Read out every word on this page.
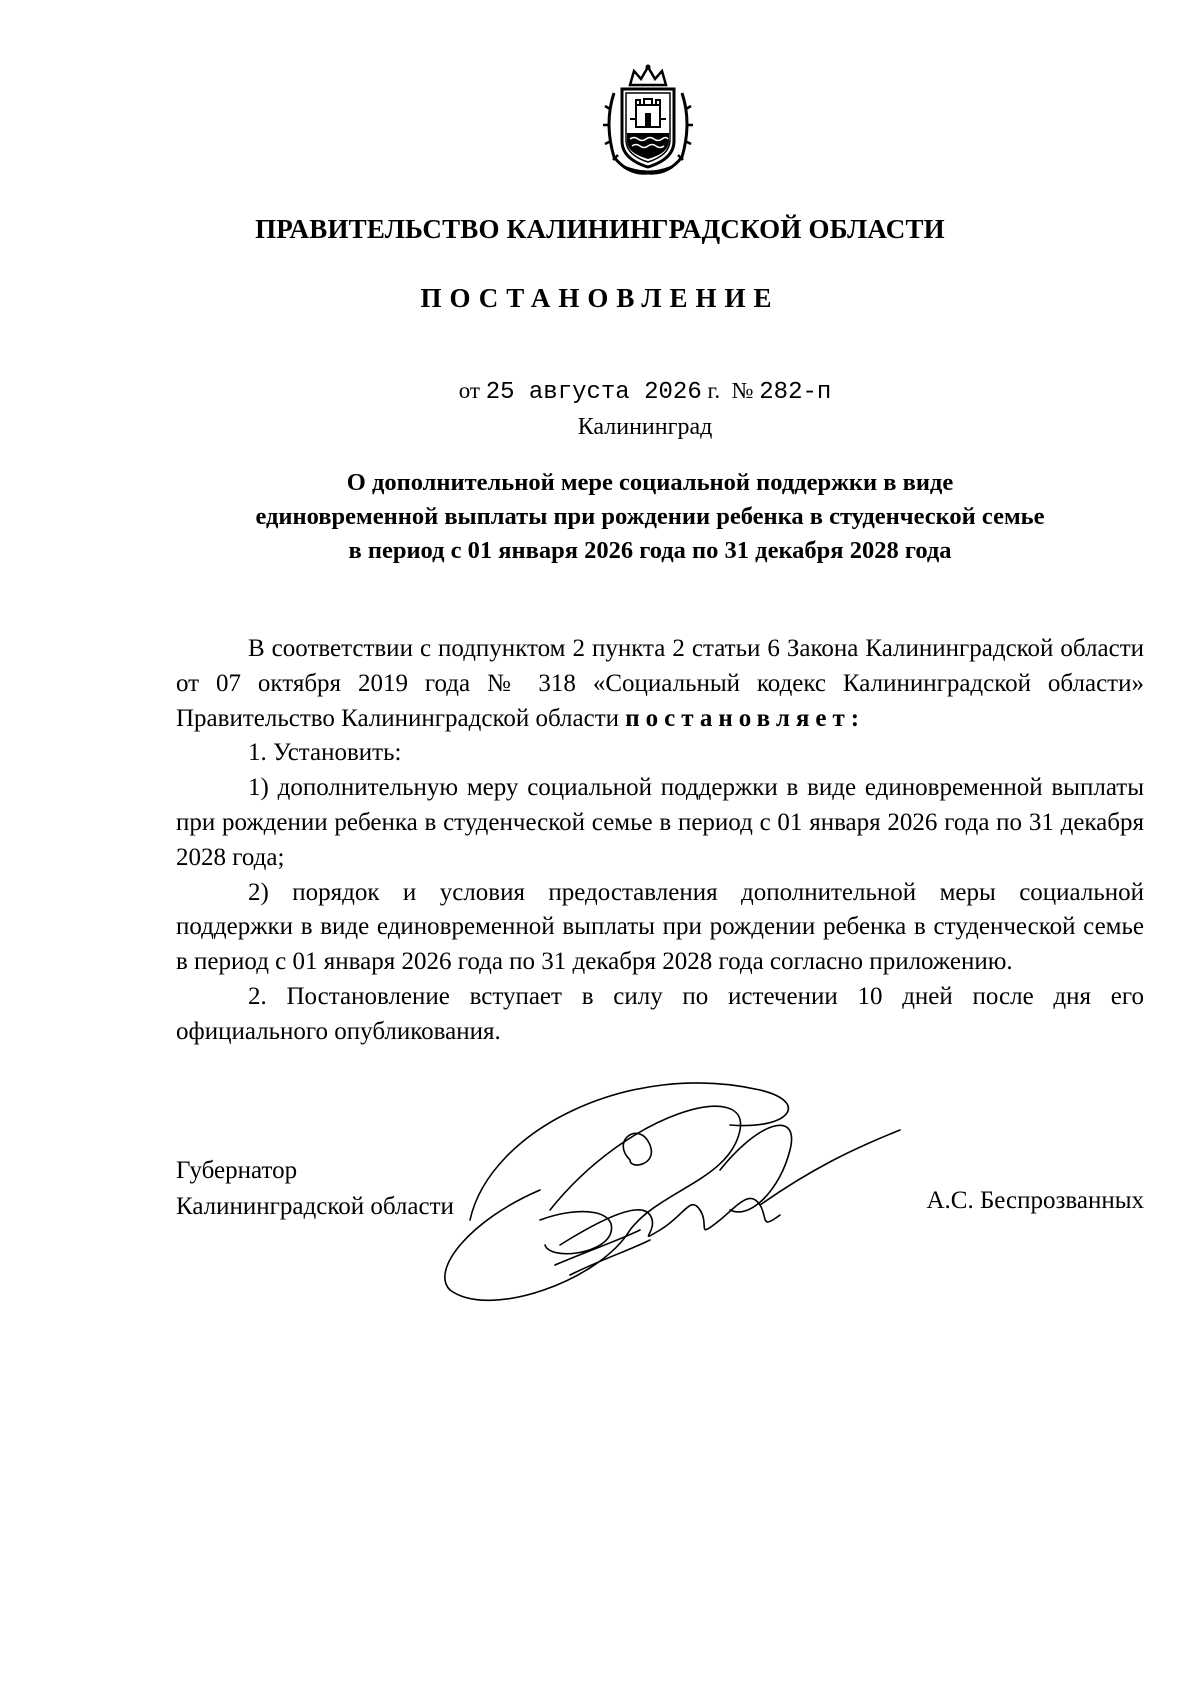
ПРАВИТЕЛЬСТВО КАЛИНИНГРАДСКОЙ ОБЛАСТИ
ПОСТАНОВЛЕНИЕ
от 25 августа 2026 г. № 282-п
Калининград
О дополнительной мере социальной поддержки в виде
единовременной выплаты при рождении ребенка в студенческой семье
в период с 01 января 2026 года по 31 декабря 2028 года

В соответствии с подпунктом 2 пункта 2 статьи 6 Закона Калининградской области от 07 октября 2019 года № 318 «Социальный кодекс Калининградской области» Правительство Калининградской области постановляет:

1. Установить:

1) дополнительную меру социальной поддержки в виде единовременной выплаты при рождении ребенка в студенческой семье в период с 01 января 2026 года по 31 декабря 2028 года;

2) порядок и условия предоставления дополнительной меры социальной поддержки в виде единовременной выплаты при рождении ребенка в студенческой семье в период с 01 января 2026 года по 31 декабря 2028 года согласно приложению.

2. Постановление вступает в силу по истечении 10 дней после дня его официального опубликования.

Губернатор
Калининградской области	А.С. Беспрозванных
